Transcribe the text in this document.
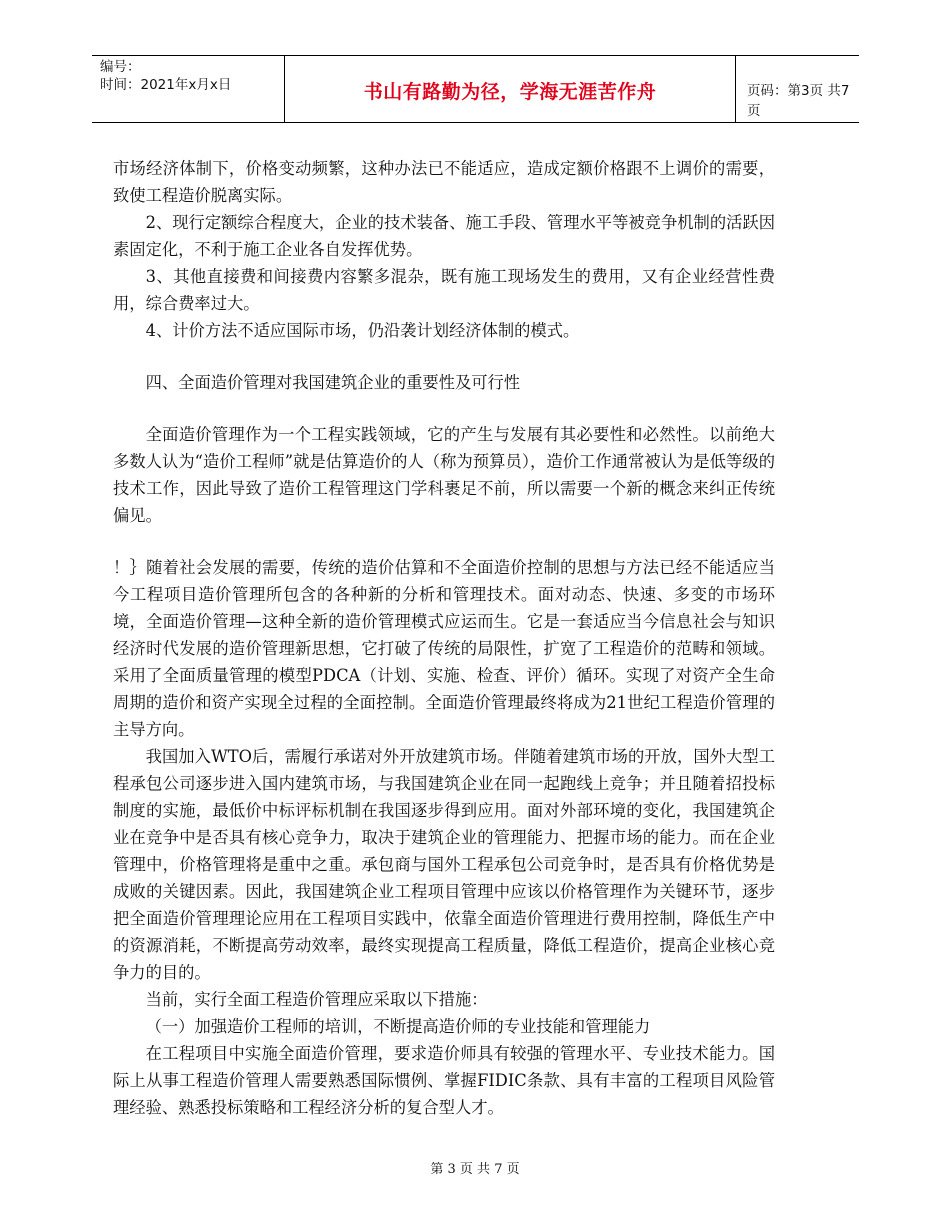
编号：
时间：2021年x月x日	书山有路勤为径，学海无涯苦作舟	页码：第3页 共7页

市场经济体制下，价格变动频繁，这种办法已不能适应，造成定额价格跟不上调价的需要，致使工程造价脱离实际。

2、现行定额综合程度大，企业的技术装备、施工手段、管理水平等被竞争机制的活跃因素固定化，不利于施工企业各自发挥优势。

3、其他直接费和间接费内容繁多混杂，既有施工现场发生的费用，又有企业经营性费用，综合费率过大。

4、计价方法不适应国际市场，仍沿袭计划经济体制的模式。

四、全面造价管理对我国建筑企业的重要性及可行性

全面造价管理作为一个工程实践领域，它的产生与发展有其必要性和必然性。以前绝大多数人认为“造价工程师”就是估算造价的人（称为预算员），造价工作通常被认为是低等级的技术工作，因此导致了造价工程管理这门学科裹足不前，所以需要一个新的概念来纠正传统偏见。

！｝随着社会发展的需要，传统的造价估算和不全面造价控制的思想与方法已经不能适应当今工程项目造价管理所包含的各种新的分析和管理技术。面对动态、快速、多变的市场环境，全面造价管理—这种全新的造价管理模式应运而生。它是一套适应当今信息社会与知识经济时代发展的造价管理新思想，它打破了传统的局限性，扩宽了工程造价的范畴和领域。采用了全面质量管理的模型PDCA（计划、实施、检查、评价）循环。实现了对资产全生命周期的造价和资产实现全过程的全面控制。全面造价管理最终将成为21世纪工程造价管理的主导方向。

我国加入WTO后，需履行承诺对外开放建筑市场。伴随着建筑市场的开放，国外大型工程承包公司逐步进入国内建筑市场，与我国建筑企业在同一起跑线上竞争；并且随着招投标制度的实施，最低价中标评标机制在我国逐步得到应用。面对外部环境的变化，我国建筑企业在竞争中是否具有核心竞争力，取决于建筑企业的管理能力、把握市场的能力。而在企业管理中，价格管理将是重中之重。承包商与国外工程承包公司竞争时，是否具有价格优势是成败的关键因素。因此，我国建筑企业工程项目管理中应该以价格管理作为关键环节，逐步把全面造价管理理论应用在工程项目实践中，依靠全面造价管理进行费用控制，降低生产中的资源消耗，不断提高劳动效率，最终实现提高工程质量，降低工程造价，提高企业核心竞争力的目的。

当前，实行全面工程造价管理应采取以下措施：

（一）加强造价工程师的培训，不断提高造价师的专业技能和管理能力

在工程项目中实施全面造价管理，要求造价师具有较强的管理水平、专业技术能力。国际上从事工程造价管理人需要熟悉国际惯例、掌握FIDIC条款、具有丰富的工程项目风险管理经验、熟悉投标策略和工程经济分析的复合型人才。

第 3 页 共 7 页
